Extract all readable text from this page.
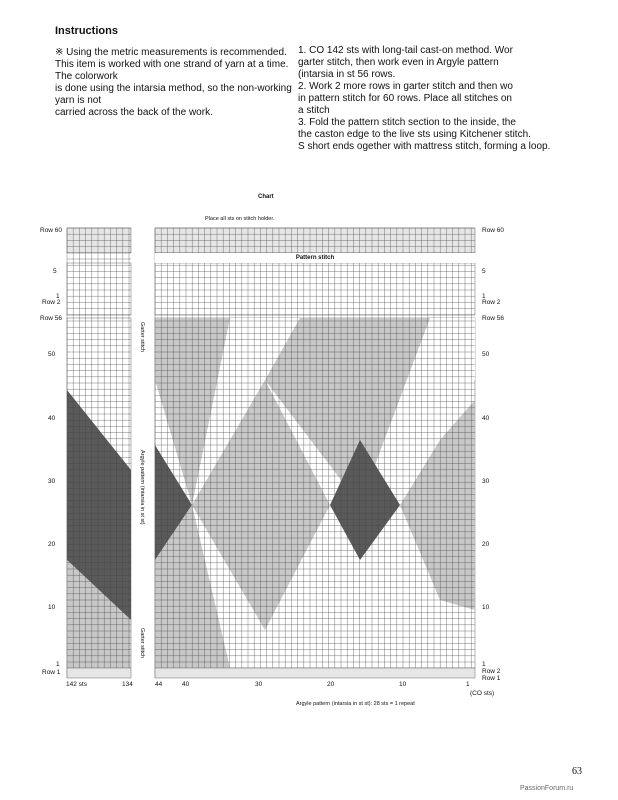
Instructions
※ Using the metric measurements is recommended.
This item is worked with one strand of yarn at a time.
The colorwork
is done using the intarsia method, so the non-working
yarn is not
carried across the back of the work.
1. CO 142 sts with long-tail cast-on method. Wor
garter stitch, then work even in Argyle pattern
(intarsia in st 56 rows.
2. Work 2 more rows in garter stitch and then wo
in pattern stitch for 60 rows. Place all stitches on
a stitch
3. Fold the pattern stitch section to the inside, the
the caston edge to the live sts using Kitchener stitch.
S short ends ogether with mattress stitch, forming a loop.
Chart
Place all sts on stitch holder.
Pattern stitch
Row 60
5
1
Row 2
Row 56
50
40
30
20
10
1
Row 1
Row 60
5
1
Row 2
Row 56
50
40
30
20
10
1
Row 2
Row 1
Garter stitch
Argyle pattern (intarsia in st st)
Garter stitch
142 sts	134	44	40	30	20	10	1
(CO sts)
Argyle pattern (intarsia in st st): 28 sts = 1 repeat
63
PassionForum.ru
